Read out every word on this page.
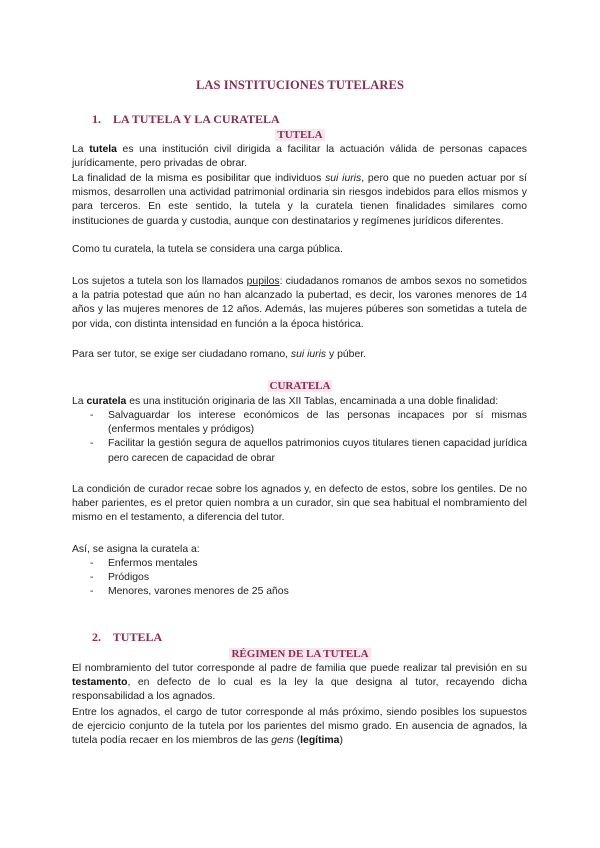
LAS INSTITUCIONES TUTELARES
1. LA TUTELA Y LA CURATELA
TUTELA
La tutela es una institución civil dirigida a facilitar la actuación válida de personas capaces jurídicamente, pero privadas de obrar.
La finalidad de la misma es posibilitar que individuos sui iuris, pero que no pueden actuar por sí mismos, desarrollen una actividad patrimonial ordinaria sin riesgos indebidos para ellos mismos y para terceros. En este sentido, la tutela y la curatela tienen finalidades similares como instituciones de guarda y custodia, aunque con destinatarios y regímenes jurídicos diferentes.
Como tu curatela, la tutela se considera una carga pública.
Los sujetos a tutela son los llamados pupilos: ciudadanos romanos de ambos sexos no sometidos a la patria potestad que aún no han alcanzado la pubertad, es decir, los varones menores de 14 años y las mujeres menores de 12 años. Además, las mujeres púberes son sometidas a tutela de por vida, con distinta intensidad en función a la época histórica.
Para ser tutor, se exige ser ciudadano romano, sui iuris y púber.
CURATELA
La curatela es una institución originaria de las XII Tablas, encaminada a una doble finalidad:
- Salvaguardar los interese económicos de las personas incapaces por sí mismas (enfermos mentales y pródigos)
- Facilitar la gestión segura de aquellos patrimonios cuyos titulares tienen capacidad jurídica pero carecen de capacidad de obrar
La condición de curador recae sobre los agnados y, en defecto de estos, sobre los gentiles. De no haber parientes, es el pretor quien nombra a un curador, sin que sea habitual el nombramiento del mismo en el testamento, a diferencia del tutor.
Así, se asigna la curatela a:
- Enfermos mentales
- Pródigos
- Menores, varones menores de 25 años
2. TUTELA
RÉGIMEN DE LA TUTELA
El nombramiento del tutor corresponde al padre de familia que puede realizar tal previsión en su testamento, en defecto de lo cual es la ley la que designa al tutor, recayendo dicha responsabilidad a los agnados.
Entre los agnados, el cargo de tutor corresponde al más próximo, siendo posibles los supuestos de ejercicio conjunto de la tutela por los parientes del mismo grado. En ausencia de agnados, la tutela podía recaer en los miembros de las gens (legítima)
